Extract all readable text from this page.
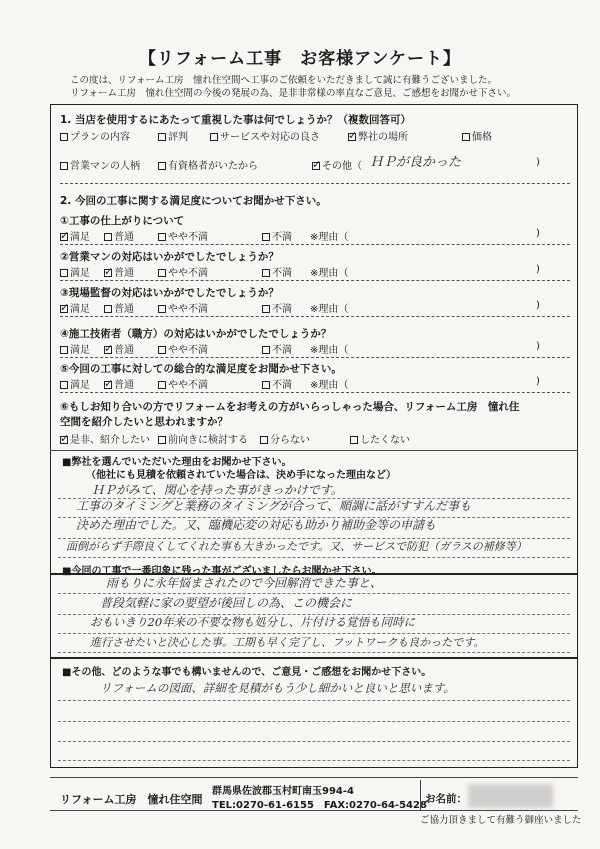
【リフォーム工事　お客様アンケート】
この度は、リフォーム工房　憧れ住空間へ工事のご依頼をいただきまして誠に有難うございました。
リフォーム工房　憧れ住空間の今後の発展の為、是非非常様の率直なご意見、ご感想をお聞かせ下さい。
1. 当店を使用するにあたって重視した事は何でしょうか？（複数回答可）
プランの内容	評判	サービスや対応の良さ ✓	弊社の場所	価格
営業マンの人柄	有資格者がいたから ✓	その他（ ＨＰが良かった	)
2. 今回の工事に関する満足度についてお聞かせ下さい。
①工事の仕上がりについて
✓満足	普通	やや不満	不満 ※理由（	)
②営業マンの対応はいかがでしたでしょうか？
満足 ✓	普通	やや不満	不満 ※理由（	)
③現場監督の対応はいかがでしたでしょうか？
✓満足	普通	やや不満	不満 ※理由（	)
④施工技術者（職方）の対応はいかがでしたでしょうか？
満足 ✓	普通	やや不満	不満 ※理由（	)
⑤今回の工事に対しての総合的な満足度をお聞かせ下さい。
満足 ✓	普通	やや不満	不満 ※理由（	)
⑥もしお知り合いの方でリフォームをお考えの方がいらっしゃった場合、リフォーム工房　憧れ住
空間を紹介したいと思われますか？
✓是非、紹介したい	前向きに検討する	分らない	したくない
■弊社を選んでいただいた理由をお聞かせ下さい。
（他社にも見積を依頼されていた場合は、決め手になった理由など）
ＨＰがみて、関心を持った事がきっかけです。
工事のタイミングと業務のタイミングが合って、順調に話がすすんだ事も
決めた理由でした。又、臨機応変の対応も助かり補助金等の申請も
面倒がらず手際良くしてくれた事も大きかったです。又、サービスで防犯（ガラスの補修等）
■今回の工事で一番印象に残った事がございましたらお聞かせ下さい。
雨もりに永年悩まされたので今回解消できた事と、
普段気軽に家の要望が後回しの為、この機会に
おもいきり20年来の不要な物も処分し、片付ける覚悟も同時に
進行させたいと決心した事。工期も早く完了し、フットワークも良かったです。
■その他、どのような事でも構いませんので、ご意見・ご感想をお聞かせ下さい。
リフォームの図面、詳細を見積がもう少し細かいと良いと思います。
リフォーム工房　憧れ住空間
群馬県佐波郡玉村町南玉994-4
TEL:0270-61-6155　FAX:0270-64-5428
お名前：
ご協力頂きまして有難う御座いました
